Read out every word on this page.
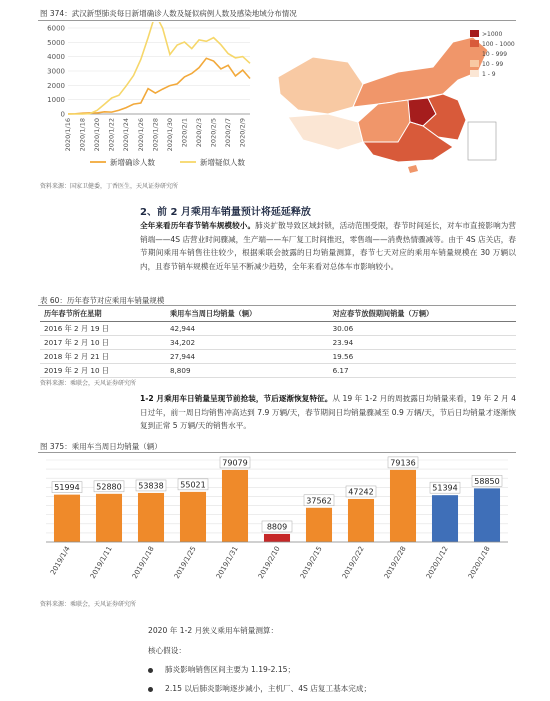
图 374：武汉新型肺炎每日新增确诊人数及疑似病例人数及感染地域分布情况
0
1000
2000
3000
4000
5000
6000
2020/1/16 2020/1/18 2020/1/20 2020/1/22 2020/1/24 2020/1/26 2020/1/28 2020/1/30 2020/2/1 2020/2/3 2020/2/5 2020/2/7 2020/2/9
新增确诊人数	新增疑似人数
>1000
100 - 1000
10 - 999
10 - 99
1 - 9
资料来源：国家卫健委，丁香医生，天风证券研究所
2、前 2 月乘用车销量预计将延延释放
全年来看历年春节销车规模较小。肺炎扩散导致区域封锁，活动范围受限，春节时间延长，对车市直接影响为营销端——4S 店营业时间骤减，生产端——车厂复工时间推迟，零售端——消费热情骤减等。由于 4S 店关店，春节期间乘用车销售往往较少，根据乘联会披露的日均销量测算，春节七天对应的乘用车销量规模在 30 万辆以内，且春节销车规模在近年呈不断减少趋势，全年来看对总体车市影响较小。
表 60：历年春节对应乘用车销量规模
历年春节所在星期	乘用车当周日均销量（辆）	对应春节放假期间销量（万辆）
2016 年 2 月 19 日	42,944	30.06
2017 年 2 月 10 日	34,202	23.94
2018 年 2 月 21 日	27,944	19.56
2019 年 2 月 10 日	8,809	6.17
资料来源：乘联会，天风证券研究所
1-2 月乘用车日销量呈现节前抢装，节后逐渐恢复特征。从 19 年 1-2 月的周披露日均销量来看，19 年 2 月 4 日过年，前一周日均销售冲高达到 7.9 万辆/天，春节期间日均销量骤减至 0.9 万辆/天，节后日均销量才逐渐恢复到正常 5 万辆/天的销售水平。
图 375：乘用车当周日均销量（辆）
51994
2019/1/4
52880
2019/1/11
53838
2019/1/18
55021
2019/1/25
79079
2019/1/31
8809
2019/2/10
37562
2019/2/15
47242
2019/2/22
79136
2019/2/28
51394
2020/1/12
58850
2020/1/18
资料来源：乘联会，天风证券研究所
2020 年 1-2 月狭义乘用车销量测算：
核心假设：
肺炎影响销售区间主要为 1.19-2.15；
2.15 以后肺炎影响逐步减小，主机厂、4S 店复工基本完成；
